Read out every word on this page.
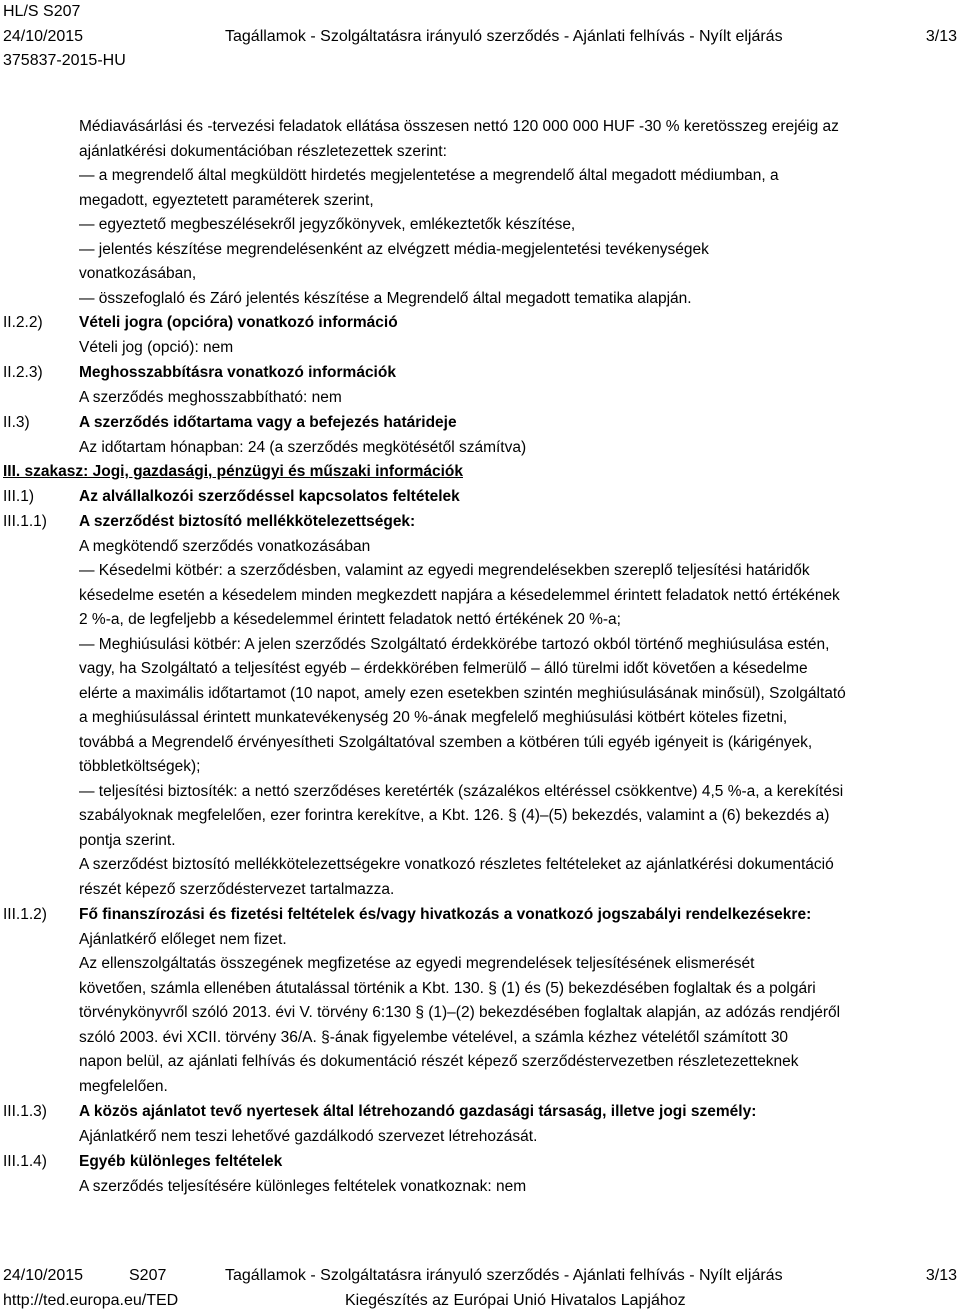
HL/S S207
24/10/2015	Tagállamok - Szolgáltatásra irányuló szerződés - Ajánlati felhívás - Nyílt eljárás	3/13
375837-2015-HU

Médiavásárlási és -tervezési feladatok ellátása összesen nettó 120 000 000 HUF -30 % keretösszeg erejéig az

ajánlatkérési dokumentációban részletezettek szerint:

— a megrendelő által megküldött hirdetés megjelentetése a megrendelő által megadott médiumban, a

megadott, egyeztetett paraméterek szerint,

— egyeztető megbeszélésekről jegyzőkönyvek, emlékeztetők készítése,

— jelentés készítése megrendelésenként az elvégzett média-megjelentetési tevékenységek

vonatkozásában,

— összefoglaló és Záró jelentés készítése a Megrendelő által megadott tematika alapján.

II.2.2) Vételi jogra (opcióra) vonatkozó információ

Vételi jog (opció): nem

II.2.3) Meghosszabbításra vonatkozó információk

A szerződés meghosszabbítható: nem

II.3)	A szerződés időtartama vagy a befejezés határideje

Az időtartam hónapban: 24 (a szerződés megkötésétől számítva)

III. szakasz: Jogi, gazdasági, pénzügyi és műszaki információk
III.1)	Az alvállalkozói szerződéssel kapcsolatos feltételek

III.1.1) A szerződést biztosító mellékkötelezettségek:

A megkötendő szerződés vonatkozásában

— Késedelmi kötbér: a szerződésben, valamint az egyedi megrendelésekben szereplő teljesítési határidők

késedelme esetén a késedelem minden megkezdett napjára a késedelemmel érintett feladatok nettó értékének

2 %-a, de legfeljebb a késedelemmel érintett feladatok nettó értékének 20 %-a;

— Meghiúsulási kötbér: A jelen szerződés Szolgáltató érdekkörébe tartozó okból történő meghiúsulása estén,

vagy, ha Szolgáltató a teljesítést egyéb – érdekkörében felmerülő – álló türelmi időt követően a késedelme

elérte a maximális időtartamot (10 napot, amely ezen esetekben szintén meghiúsulásának minősül), Szolgáltató

a meghiúsulással érintett munkatevékenység 20 %-ának megfelelő meghiúsulási kötbért köteles fizetni,

továbbá a Megrendelő érvényesítheti Szolgáltatóval szemben a kötbéren túli egyéb igényeit is (kárigények,

többletköltségek);

— teljesítési biztosíték: a nettó szerződéses keretérték (százalékos eltéréssel csökkentve) 4,5 %-a, a kerekítési

szabályoknak megfelelően, ezer forintra kerekítve, a Kbt. 126. § (4)–(5) bekezdés, valamint a (6) bekezdés a)

pontja szerint.

A szerződést biztosító mellékkötelezettségekre vonatkozó részletes feltételeket az ajánlatkérési dokumentáció

részét képező szerződéstervezet tartalmazza.

III.1.2) Fő finanszírozási és fizetési feltételek és/vagy hivatkozás a vonatkozó jogszabályi rendelkezésekre:

Ajánlatkérő előleget nem fizet.

Az ellenszolgáltatás összegének megfizetése az egyedi megrendelések teljesítésének elismerését

követően, számla ellenében átutalással történik a Kbt. 130. § (1) és (5) bekezdésében foglaltak és a polgári

törvénykönyvről szóló 2013. évi V. törvény 6:130 § (1)–(2) bekezdésében foglaltak alapján, az adózás rendjéről

szóló 2003. évi XCII. törvény 36/A. §-ának figyelembe vételével, a számla kézhez vételétől számított 30

napon belül, az ajánlati felhívás és dokumentáció részét képező szerződéstervezetben részletezetteknek

megfelelően.

III.1.3) A közös ajánlatot tevő nyertesek által létrehozandó gazdasági társaság, illetve jogi személy:

Ajánlatkérő nem teszi lehetővé gazdálkodó szervezet létrehozását.

III.1.4) Egyéb különleges feltételek

A szerződés teljesítésére különleges feltételek vonatkoznak: nem

24/10/2015	S207	Tagállamok - Szolgáltatásra irányuló szerződés - Ajánlati felhívás - Nyílt eljárás	3/13
http://ted.europa.eu/TED	Kiegészítés az Európai Unió Hivatalos Lapjához
